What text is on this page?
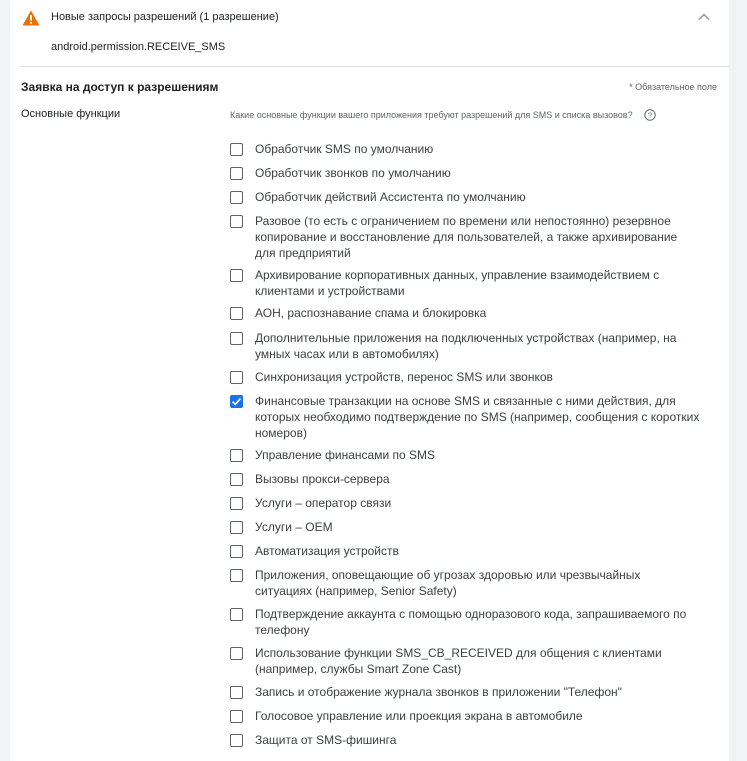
Новые запросы разрешений (1 разрешение)
android.permission.RECEIVE_SMS
Заявка на доступ к разрешениям	* Обязательное поле
Основные функции	Какие основные функции вашего приложения требуют разрешений для SMS и списка вызовов? ?
Обработчик SMS по умолчанию
Обработчик звонков по умолчанию
Обработчик действий Ассистента по умолчанию
Разовое (то есть с ограничением по времени или непостоянно) резервное копирование и восстановление для пользователей, а также архивирование для предприятий
Архивирование корпоративных данных, управление взаимодействием с клиентами и устройствами
АОН, распознавание спама и блокировка
Дополнительные приложения на подключенных устройствах (например, на умных часах или в автомобилях)
Синхронизация устройств, перенос SMS или звонков
Финансовые транзакции на основе SMS и связанные с ними действия, для которых необходимо подтверждение по SMS (например, сообщения с коротких номеров)
Управление финансами по SMS
Вызовы прокси-сервера
Услуги – оператор связи
Услуги – OEM
Автоматизация устройств
Приложения, оповещающие об угрозах здоровью или чрезвычайных ситуациях (например, Senior Safety)
Подтверждение аккаунта с помощью одноразового кода, запрашиваемого по телефону
Использование функции SMS_CB_RECEIVED для общения с клиентами (например, службы Smart Zone Cast)
Запись и отображение журнала звонков в приложении "Телефон"
Голосовое управление или проекция экрана в автомобиле
Защита от SMS-фишинга
